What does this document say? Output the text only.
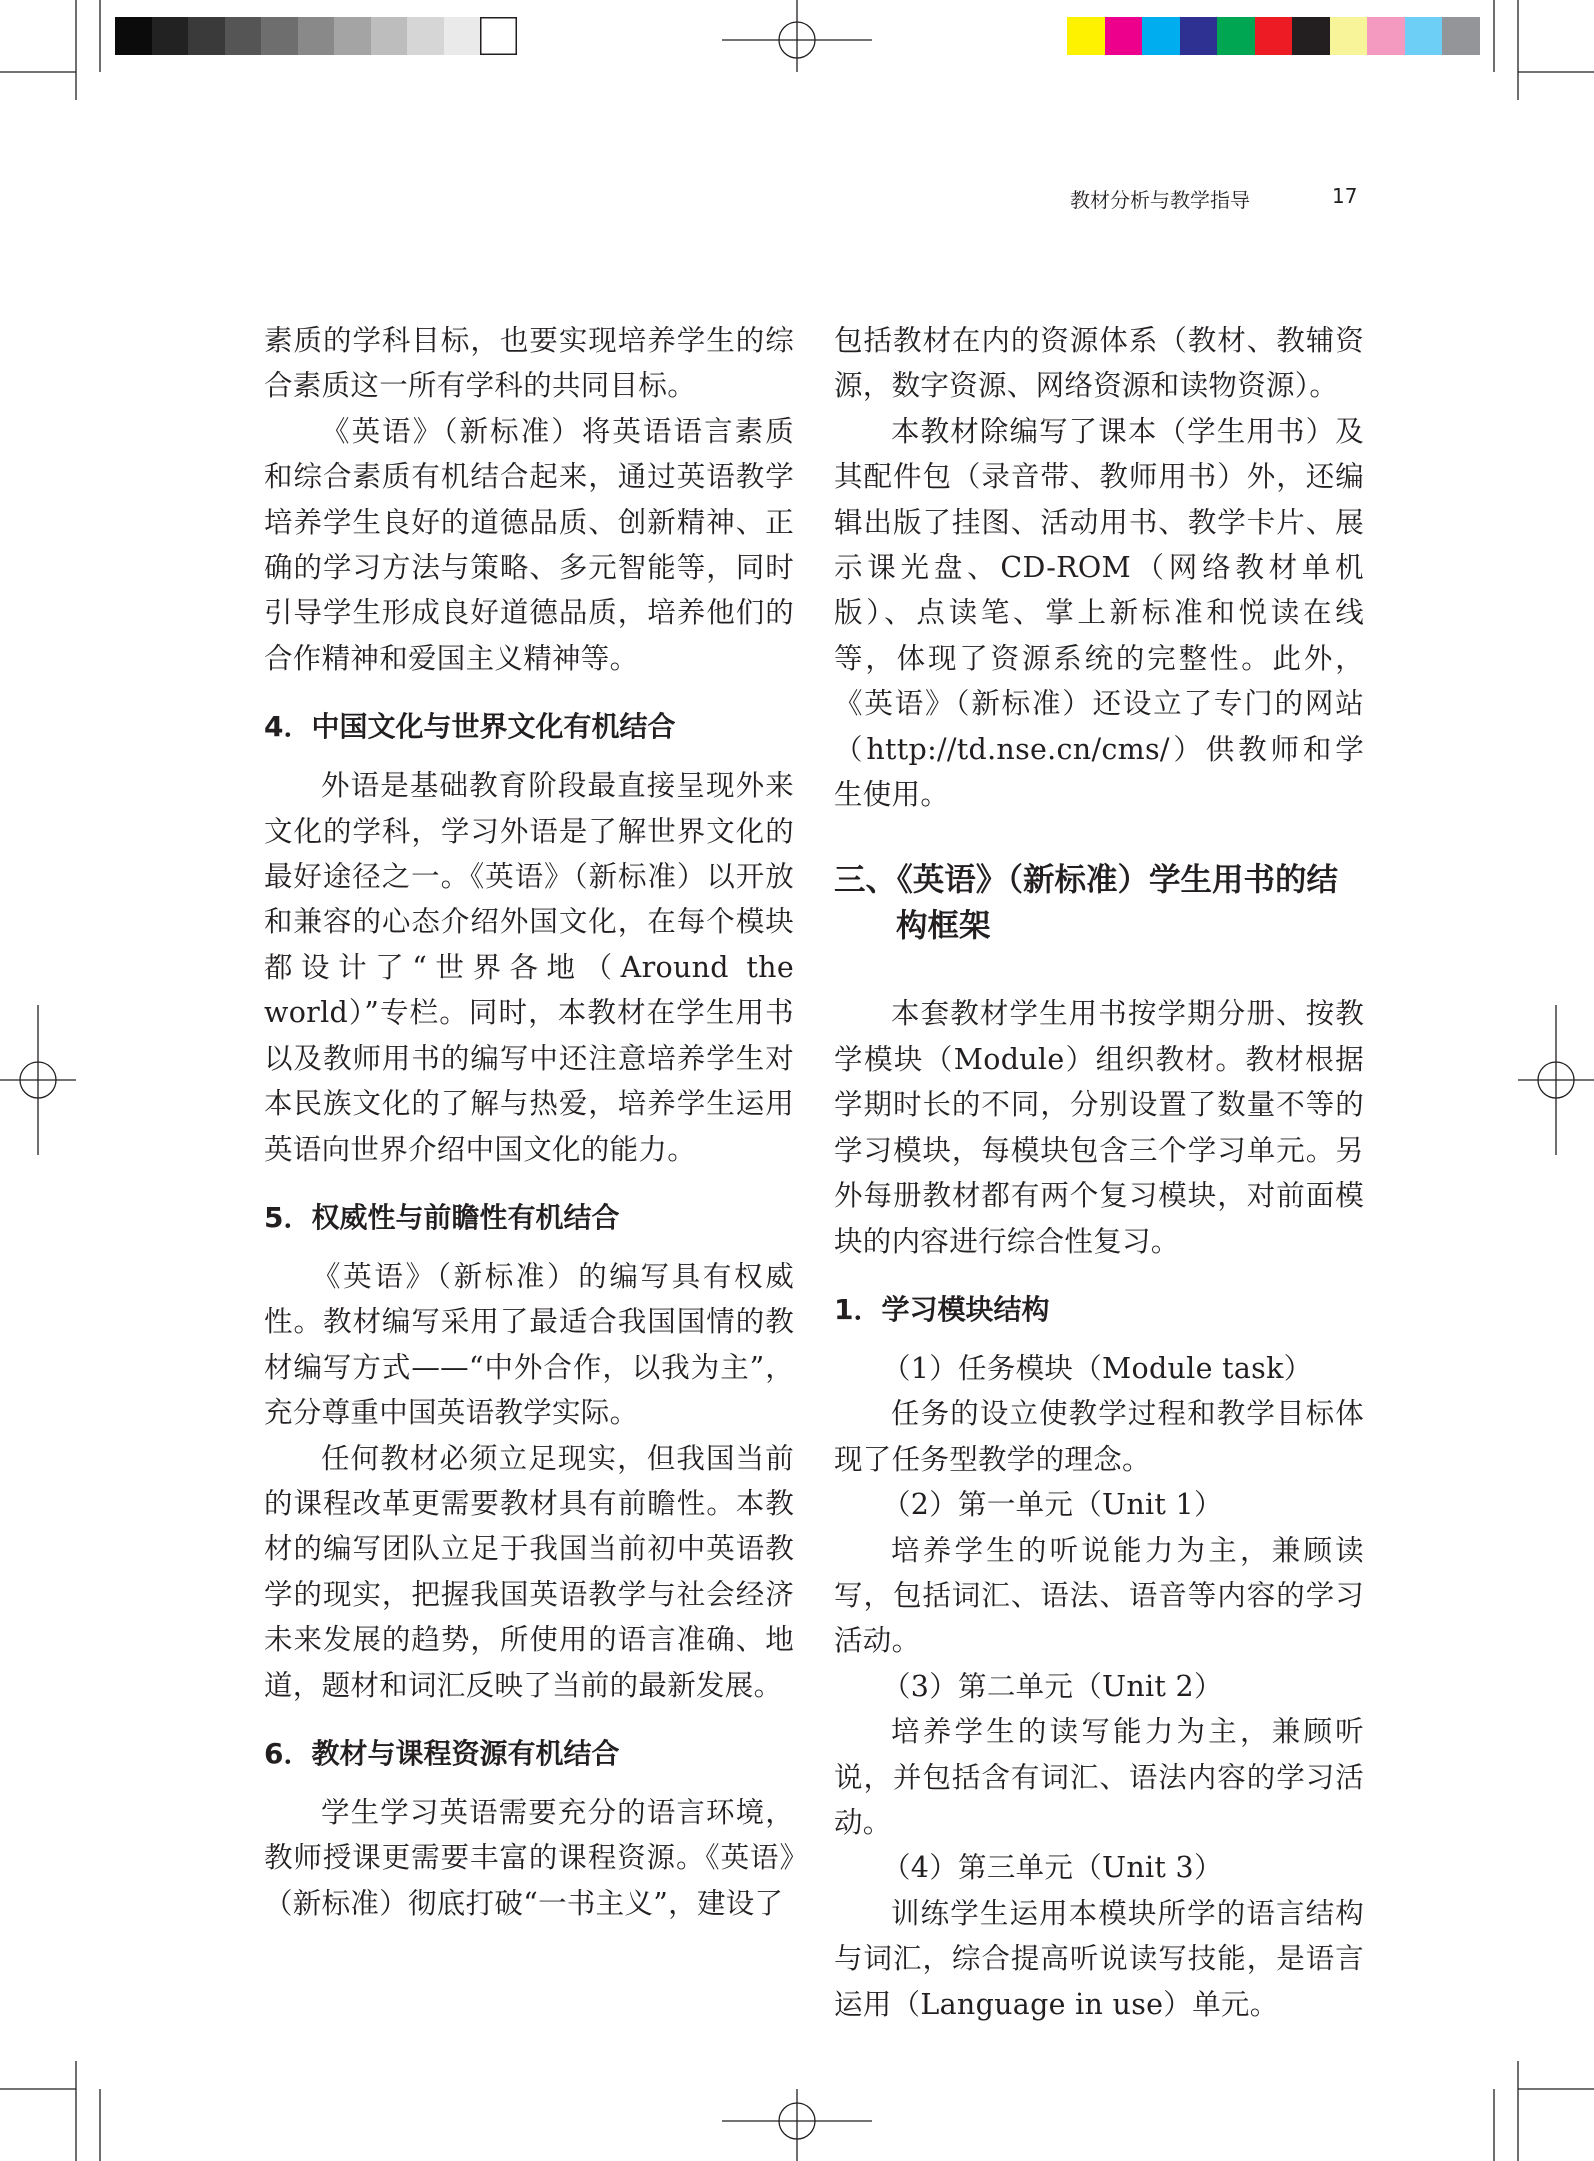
教材分析与教学指导	17

素质的学科目标，也要实现培养学生的综合素质这一所有学科的共同目标。

《英语》（新标准）将英语语言素质和综合素质有机结合起来，通过英语教学培养学生良好的道德品质、创新精神、正确的学习方法与策略、多元智能等，同时引导学生形成良好道德品质，培养他们的合作精神和爱国主义精神等。

4．中国文化与世界文化有机结合

外语是基础教育阶段最直接呈现外来文化的学科，学习外语是了解世界文化的最好途径之一。《英语》（新标准）以开放和兼容的心态介绍外国文化，在每个模块都设计了“世界各地（Around the world）”专栏。同时，本教材在学生用书以及教师用书的编写中还注意培养学生对本民族文化的了解与热爱，培养学生运用英语向世界介绍中国文化的能力。

5．权威性与前瞻性有机结合

《英语》（新标准）的编写具有权威性。教材编写采用了最适合我国国情的教材编写方式——“中外合作，以我为主”，充分尊重中国英语教学实际。

任何教材必须立足现实，但我国当前的课程改革更需要教材具有前瞻性。本教材的编写团队立足于我国当前初中英语教学的现实，把握我国英语教学与社会经济未来发展的趋势，所使用的语言准确、地道，题材和词汇反映了当前的最新发展。

6．教材与课程资源有机结合

学生学习英语需要充分的语言环境，教师授课更需要丰富的课程资源。《英语》（新标准）彻底打破“一书主义”，建设了

包括教材在内的资源体系（教材、教辅资源，数字资源、网络资源和读物资源）。

本教材除编写了课本（学生用书）及其配件包（录音带、教师用书）外，还编辑出版了挂图、活动用书、教学卡片、展示课光盘、CD-ROM（网络教材单机版）、点读笔、掌上新标准和悦读在线等，体现了资源系统的完整性。此外，《英语》（新标准）还设立了专门的网站（http://td.nse.cn/cms/）供教师和学生使用。

三、《英语》（新标准）学生用书的结构框架

本套教材学生用书按学期分册、按教学模块（Module）组织教材。教材根据学期时长的不同，分别设置了数量不等的学习模块，每模块包含三个学习单元。另外每册教材都有两个复习模块，对前面模块的内容进行综合性复习。

1．学习模块结构

（1）任务模块（Module task）

任务的设立使教学过程和教学目标体现了任务型教学的理念。

（2）第一单元（Unit 1）

培养学生的听说能力为主，兼顾读写，包括词汇、语法、语音等内容的学习活动。

（3）第二单元（Unit 2）

培养学生的读写能力为主，兼顾听说，并包括含有词汇、语法内容的学习活动。

（4）第三单元（Unit 3）

训练学生运用本模块所学的语言结构与词汇，综合提高听说读写技能，是语言运用（Language in use）单元。
